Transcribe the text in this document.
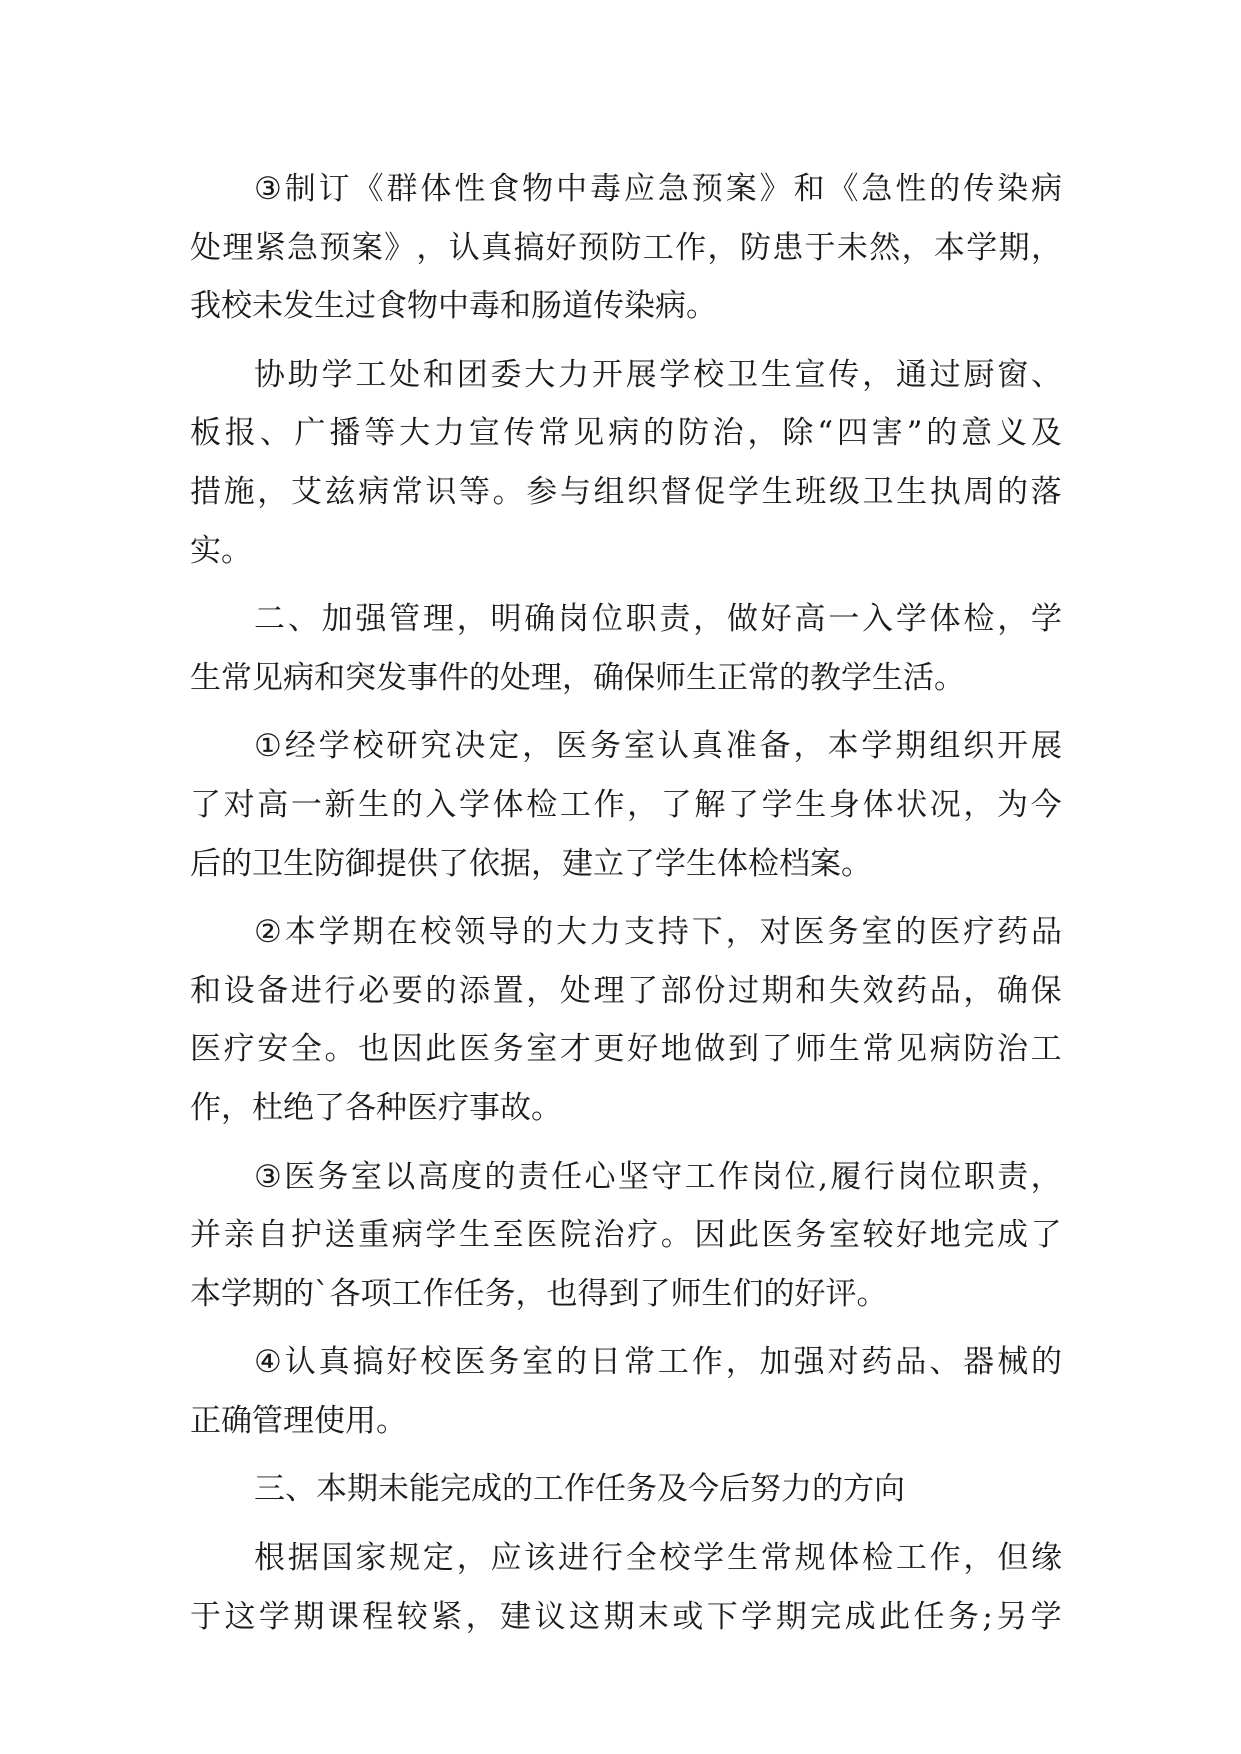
③ 制 订 《 群 体 性 食 物 中 毒 应 急 预 案 》 和 《 急 性 的 传 染 病
处 理 紧 急 预 案 》 ， 认 真 搞 好 预 防 工 作 ， 防 患 于 未 然 ， 本 学 期 ，
我校未发生过食物中毒和肠道传染病。
协 助 学 工 处 和 团 委 大 力 开 展 学 校 卫 生 宣 传 ， 通 过 厨 窗 、
板 报 、 广 播 等 大 力 宣 传 常 见 病 的 防 治 ， 除 “ 四 害 ” 的 意 义 及
措 施 ， 艾 兹 病 常 识 等 。 参 与 组 织 督 促 学 生 班 级 卫 生 执 周 的 落
实。
二 、 加 强 管 理 ， 明 确 岗 位 职 责 ， 做 好 高 一 入 学 体 检 ， 学
生常见病和突发事件的处理，确保师生正常的教学生活。
① 经 学 校 研 究 决 定 ， 医 务 室 认 真 准 备 ， 本 学 期 组 织 开 展
了 对 高 一 新 生 的 入 学 体 检 工 作 ， 了 解 了 学 生 身 体 状 况 ， 为 今
后的卫生防御提供了依据，建立了学生体检档案。
② 本 学 期 在 校 领 导 的 大 力 支 持 下 ， 对 医 务 室 的 医 疗 药 品
和 设 备 进 行 必 要 的 添 置 ， 处 理 了 部 份 过 期 和 失 效 药 品 ， 确 保
医 疗 安 全 。 也 因 此 医 务 室 才 更 好 地 做 到 了 师 生 常 见 病 防 治 工
作，杜绝了各种医疗事故。
③ 医 务 室 以 高 度 的 责 任 心 坚 守 工 作 岗 位 , 履 行 岗 位 职 责 ，
并 亲 自 护 送 重 病 学 生 至 医 院 治 疗 。 因 此 医 务 室 较 好 地 完 成 了
本学期的`各项工作任务，也得到了师生们的好评。
④ 认 真 搞 好 校 医 务 室 的 日 常 工 作 ， 加 强 对 药 品 、 器 械 的
正确管理使用。
三、本期未能完成的工作任务及今后努力的方向
根 据 国 家 规 定 ， 应 该 进 行 全 校 学 生 常 规 体 检 工 作 ， 但 缘
于 这 学 期 课 程 较 紧 ， 建 议 这 期 末 或 下 学 期 完 成 此 任 务 ; 另 学
